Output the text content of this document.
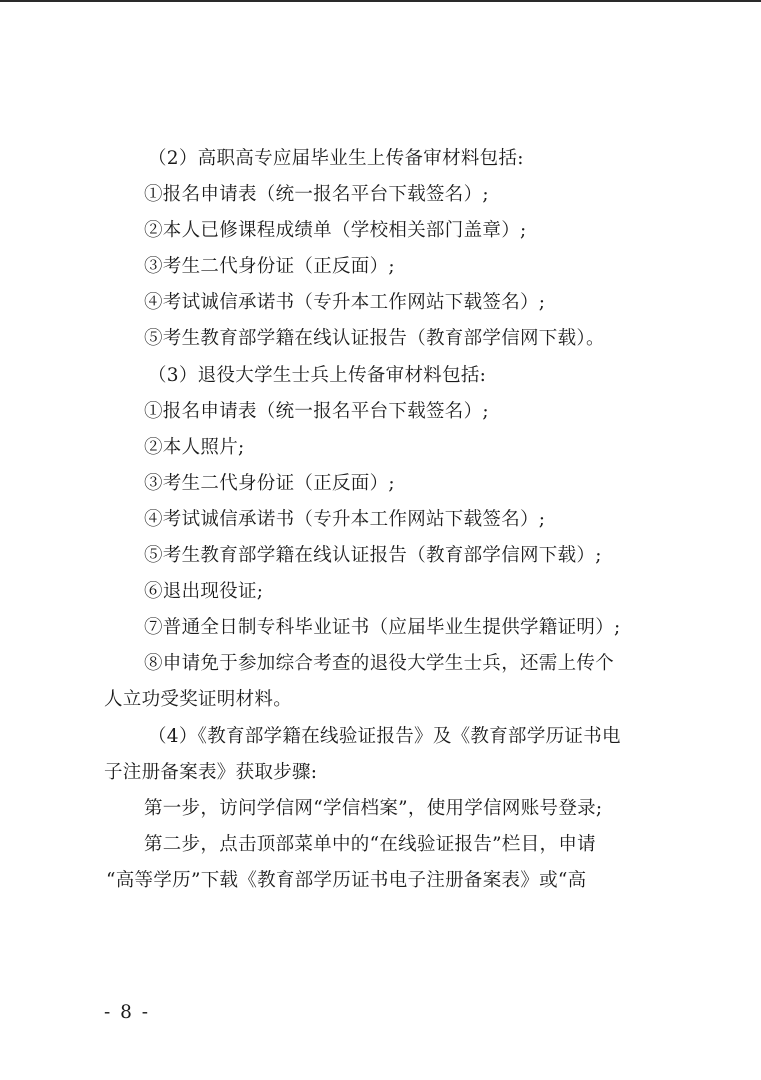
（2）高职高专应届毕业生上传备审材料包括:
①报名申请表（统一报名平台下载签名）;
②本人已修课程成绩单（学校相关部门盖章）;
③考生二代身份证（正反面）;
④考试诚信承诺书（专升本工作网站下载签名）;
⑤考生教育部学籍在线认证报告（教育部学信网下载）。
（3）退役大学生士兵上传备审材料包括:
①报名申请表（统一报名平台下载签名）;
②本人照片;
③考生二代身份证（正反面）;
④考试诚信承诺书（专升本工作网站下载签名）;
⑤考生教育部学籍在线认证报告（教育部学信网下载）;
⑥退出现役证;
⑦普通全日制专科毕业证书（应届毕业生提供学籍证明）;
⑧申请免于参加综合考查的退役大学生士兵，还需上传个
人立功受奖证明材料。
（4）《教育部学籍在线验证报告》及《教育部学历证书电
子注册备案表》获取步骤:
第一步，访问学信网“学信档案”，使用学信网账号登录;
第二步，点击顶部菜单中的“在线验证报告”栏目，申请
“高等学历”下载《教育部学历证书电子注册备案表》或“高
- 8 -
